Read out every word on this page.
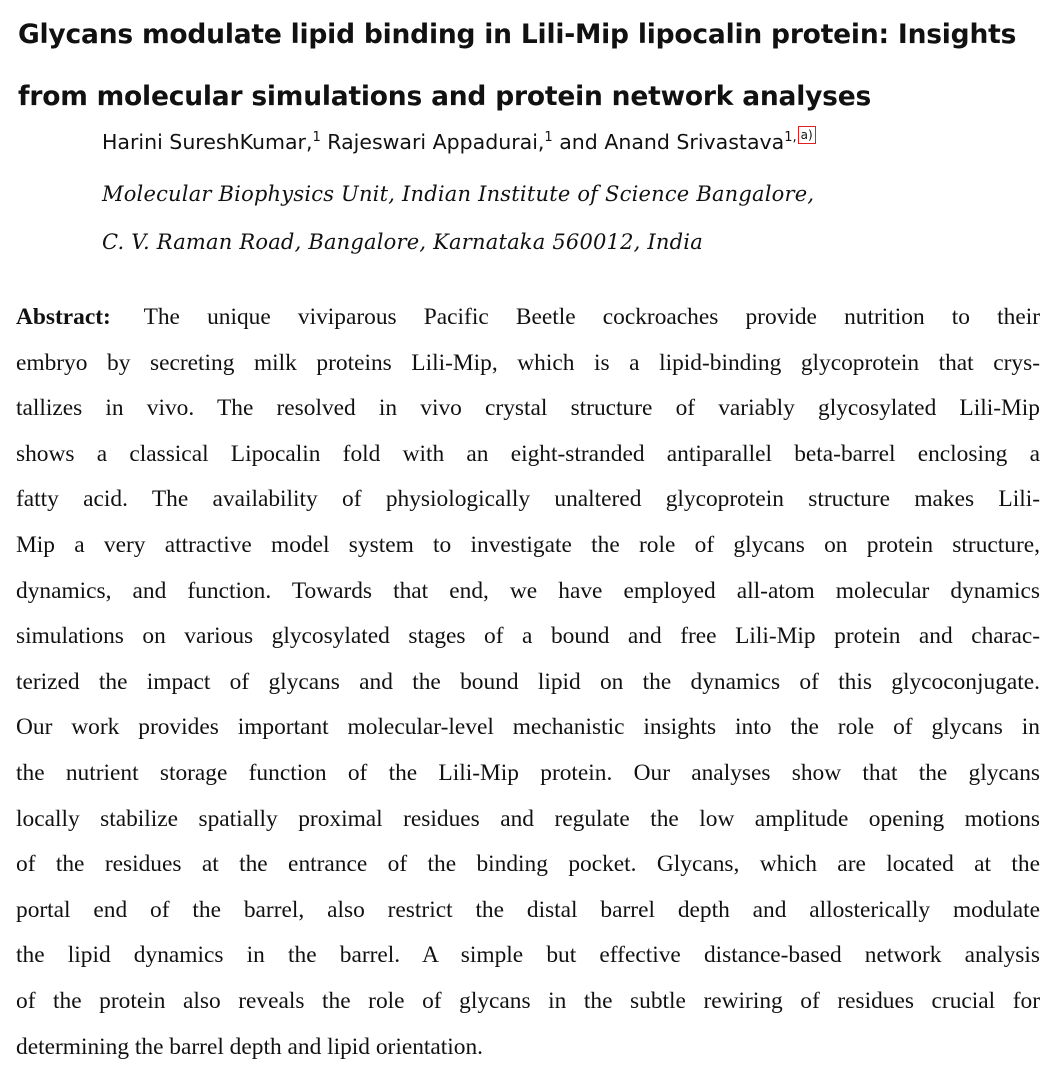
Glycans modulate lipid binding in Lili-Mip lipocalin protein: Insights
from molecular simulations and protein network analyses
Harini SureshKumar,$^1$ Rajeswari Appadurai,$^1$ and Anand Srivastava$^{1,}$ a)
Molecular Biophysics Unit, Indian Institute of Science Bangalore,
C. V. Raman Road, Bangalore, Karnataka 560012, India
Abstract: The unique viviparous Pacific Beetle cockroaches provide nutrition to their
embryo by secreting milk proteins Lili-Mip, which is a lipid-binding glycoprotein that crys-
tallizes in vivo. The resolved in vivo crystal structure of variably glycosylated Lili-Mip
shows a classical Lipocalin fold with an eight-stranded antiparallel beta-barrel enclosing a
fatty acid. The availability of physiologically unaltered glycoprotein structure makes Lili-
Mip a very attractive model system to investigate the role of glycans on protein structure,
dynamics, and function. Towards that end, we have employed all-atom molecular dynamics
simulations on various glycosylated stages of a bound and free Lili-Mip protein and charac-
terized the impact of glycans and the bound lipid on the dynamics of this glycoconjugate.
Our work provides important molecular-level mechanistic insights into the role of glycans in
the nutrient storage function of the Lili-Mip protein. Our analyses show that the glycans
locally stabilize spatially proximal residues and regulate the low amplitude opening motions
of the residues at the entrance of the binding pocket. Glycans, which are located at the
portal end of the barrel, also restrict the distal barrel depth and allosterically modulate
the lipid dynamics in the barrel. A simple but effective distance-based network analysis
of the protein also reveals the role of glycans in the subtle rewiring of residues crucial for
determining the barrel depth and lipid orientation.
